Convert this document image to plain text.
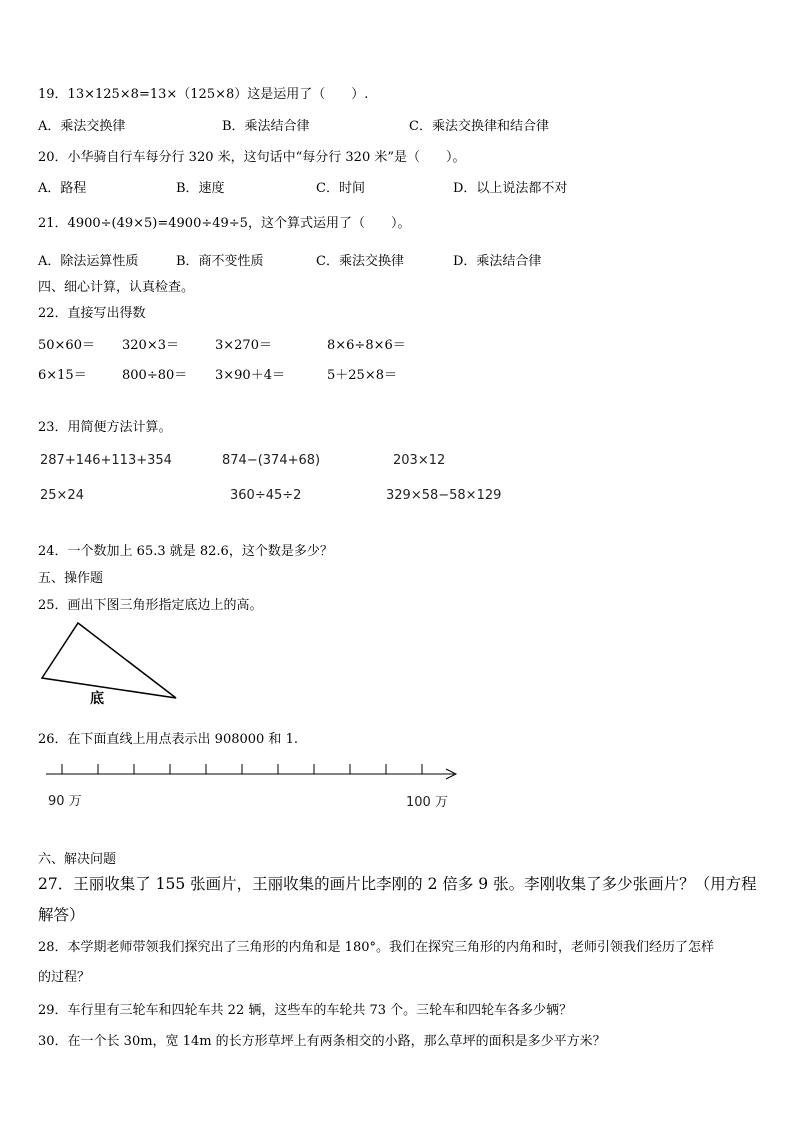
19．13×125×8=13×（125×8）这是运用了（　　）.
A．乘法交换律	B．乘法结合律	C．乘法交换律和结合律
20．小华骑自行车每分行 320 米，这句话中“每分行 320 米”是（　　）。
A．路程	B．速度	C．时间	D．以上说法都不对
21．4900÷(49×5)=4900÷49÷5，这个算式运用了（　　）。
A．除法运算性质	B．商不变性质	C．乘法交换律	D．乘法结合律
四、细心计算，认真检查。
22．直接写出得数
50×60＝ 320×3＝	3×270＝	8×6÷8×6＝
6×15＝	800÷80＝ 3×90＋4＝	5＋25×8＝
23．用简便方法计算。
287+146+113+354	874−(374+68)	203×12
25×24	360÷45÷2	329×58−58×129
24．一个数加上 65.3 就是 82.6，这个数是多少？
五、操作题
25．画出下图三角形指定底边上的高。
底
26．在下面直线上用点表示出 908000 和 1.
90 万	100 万
六、解决问题
27．王丽收集了 155 张画片，王丽收集的画片比李刚的 2 倍多 9 张。李刚收集了多少张画片？（用方程
解答）
28．本学期老师带领我们探究出了三角形的内角和是 180°。我们在探究三角形的内角和时，老师引领我们经历了怎样
的过程？
29．车行里有三轮车和四轮车共 22 辆，这些车的车轮共 73 个。三轮车和四轮车各多少辆？
30．在一个长 30m，宽 14m 的长方形草坪上有两条相交的小路，那么草坪的面积是多少平方米？
